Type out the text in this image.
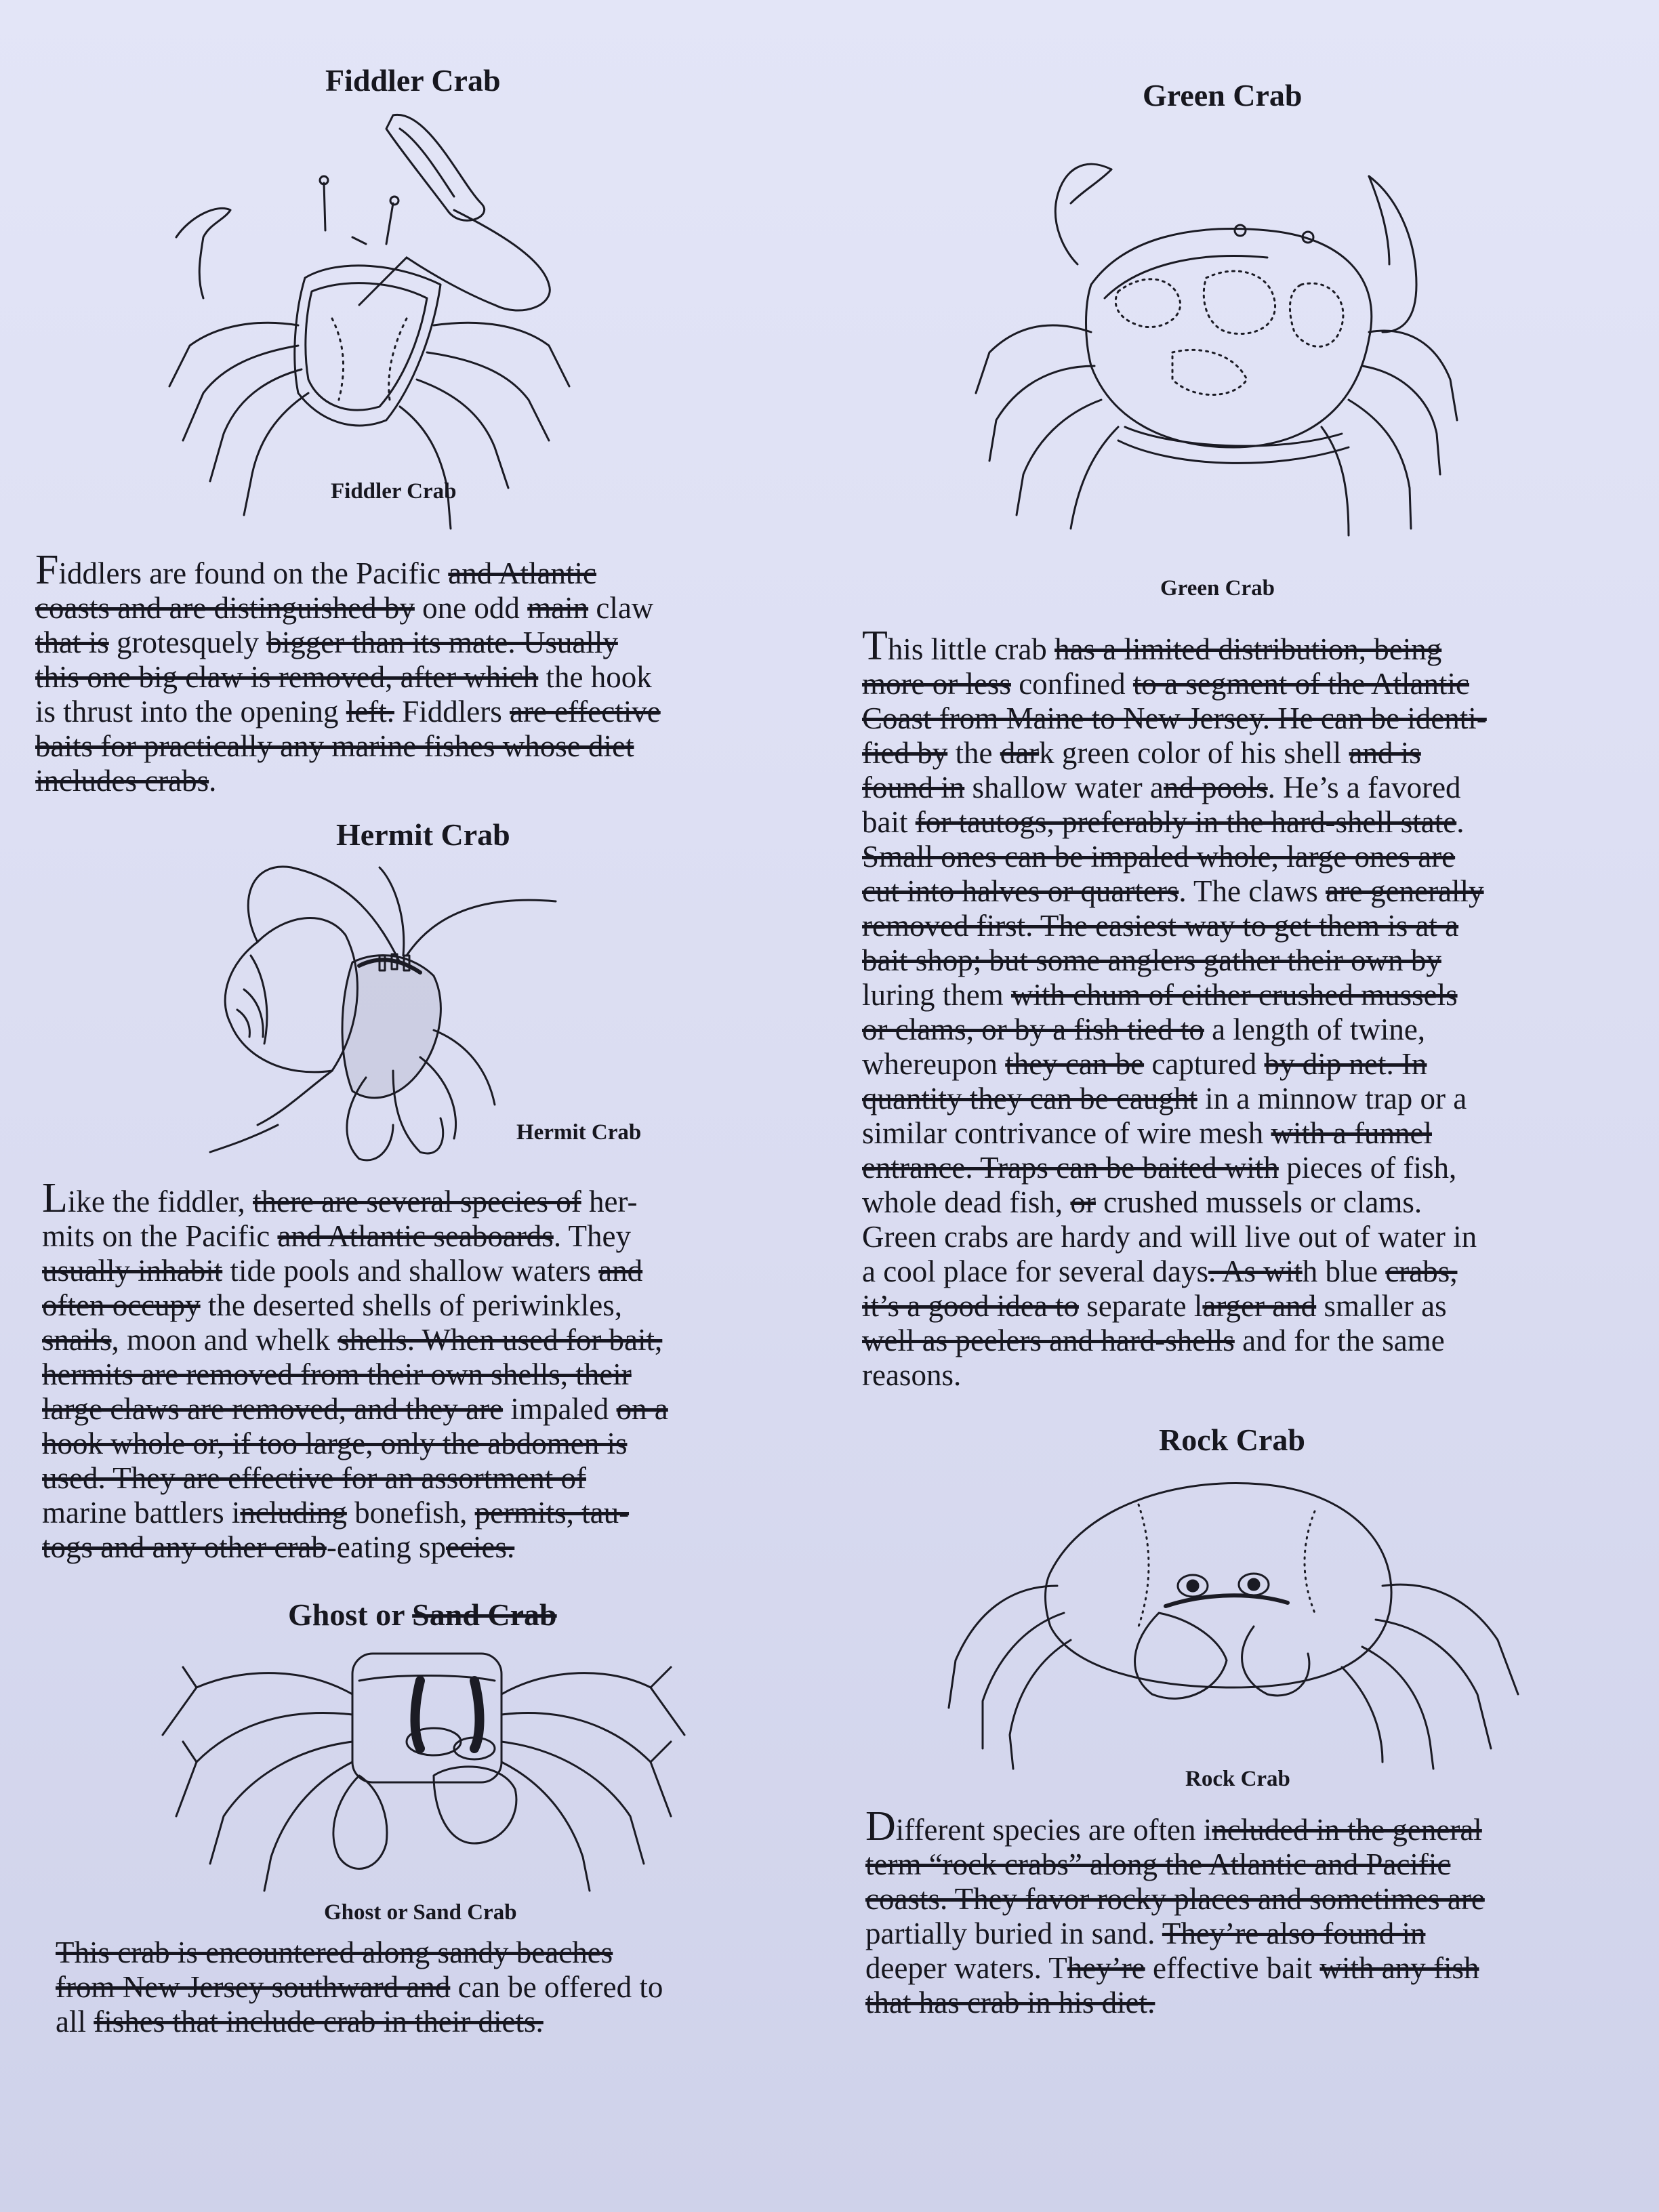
Fiddler Crab
Fiddler Crab

Fiddlers are found on the Pacific and Atlantic
coasts and are distinguished by one odd main claw
that is grotesquely bigger than its mate. Usually
this one big claw is removed, after which the hook
is thrust into the opening left. Fiddlers are effective
baits for practically any marine fishes whose diet
includes crabs.

Hermit Crab
Hermit Crab

Like the fiddler, there are several species of her-
mits on the Pacific and Atlantic seaboards. They
usually inhabit tide pools and shallow waters and
often occupy the deserted shells of periwinkles,
snails, moon and whelk shells. When used for bait,
hermits are removed from their own shells, their
large claws are removed, and they are impaled on a
hook whole or, if too large, only the abdomen is
used. They are effective for an assortment of
marine battlers including bonefish, permits, tau-
togs and any other crab-eating species.

Ghost or Sand Crab
Ghost or Sand Crab

This crab is encountered along sandy beaches
from New Jersey southward and can be offered to
all fishes that include crab in their diets.

Green Crab
Green Crab

This little crab has a limited distribution, being
more or less confined to a segment of the Atlantic
Coast from Maine to New Jersey. He can be identi-
fied by the dark green color of his shell and is
found in shallow water and pools. He’s a favored
bait for tautogs, preferably in the hard-shell state.
Small ones can be impaled whole, large ones are
cut into halves or quarters. The claws are generally
removed first. The easiest way to get them is at a
bait shop; but some anglers gather their own by
luring them with chum of either crushed mussels
or clams, or by a fish tied to a length of twine,
whereupon they can be captured by dip net. In
quantity they can be caught in a minnow trap or a
similar contrivance of wire mesh with a funnel
entrance. Traps can be baited with pieces of fish,
whole dead fish, or crushed mussels or clams.
Green crabs are hardy and will live out of water in
a cool place for several days. As with blue crabs,
it’s a good idea to separate larger and smaller as
well as peelers and hard-shells and for the same
reasons.

Rock Crab
Rock Crab

Different species are often included in the general
term “rock crabs” along the Atlantic and Pacific
coasts. They favor rocky places and sometimes are
partially buried in sand. They’re also found in
deeper waters. They’re effective bait with any fish
that has crab in his diet.
